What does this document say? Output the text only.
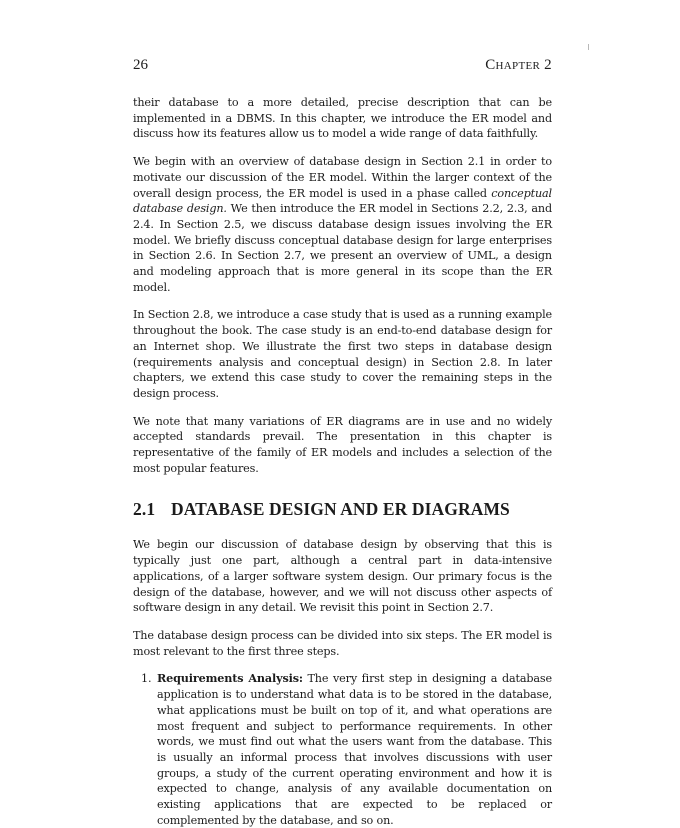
26	Chapter 2

their database to a more detailed, precise description that can be implemented in a DBMS. In this chapter, we introduce the ER model and discuss how its features allow us to model a wide range of data faithfully.

We begin with an overview of database design in Section 2.1 in order to motivate our discussion of the ER model. Within the larger context of the overall design process, the ER model is used in a phase called conceptual database design. We then introduce the ER model in Sections 2.2, 2.3, and 2.4. In Section 2.5, we discuss database design issues involving the ER model. We briefly discuss conceptual database design for large enterprises in Section 2.6. In Section 2.7, we present an overview of UML, a design and modeling approach that is more general in its scope than the ER model.

In Section 2.8, we introduce a case study that is used as a running example throughout the book. The case study is an end-to-end database design for an Internet shop. We illustrate the first two steps in database design (requirements analysis and conceptual design) in Section 2.8. In later chapters, we extend this case study to cover the remaining steps in the design process.

We note that many variations of ER diagrams are in use and no widely accepted standards prevail. The presentation in this chapter is representative of the family of ER models and includes a selection of the most popular features.

2.1 DATABASE DESIGN AND ER DIAGRAMS

We begin our discussion of database design by observing that this is typically just one part, although a central part in data-intensive applications, of a larger software system design. Our primary focus is the design of the database, however, and we will not discuss other aspects of software design in any detail. We revisit this point in Section 2.7.

The database design process can be divided into six steps. The ER model is most relevant to the first three steps.

1. Requirements Analysis: The very first step in designing a database application is to understand what data is to be stored in the database, what applications must be built on top of it, and what operations are most frequent and subject to performance requirements. In other words, we must find out what the users want from the database. This is usually an informal process that involves discussions with user groups, a study of the current operating environment and how it is expected to change, analysis of any available documentation on existing applications that are expected to be replaced or complemented by the database, and so on.
